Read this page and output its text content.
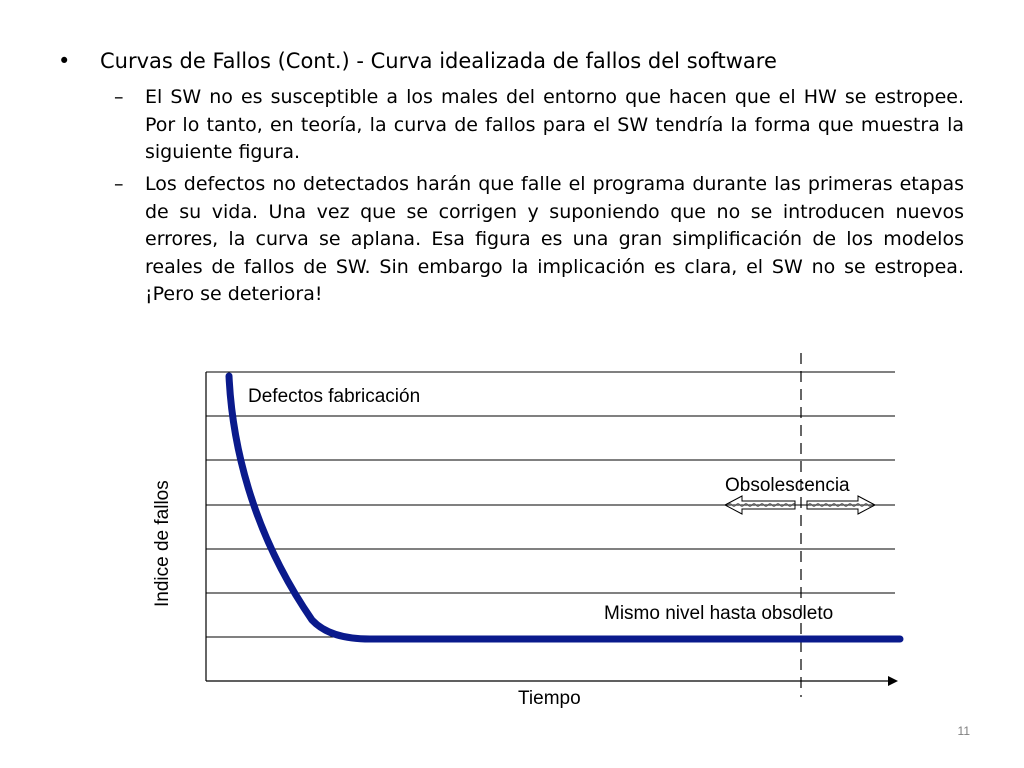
• Curvas de Fallos (Cont.) - Curva idealizada de fallos del software
– El SW no es susceptible a los males del entorno que hacen que el HW se estropee. Por lo tanto, en teoría, la curva de fallos para el SW tendría la forma que muestra la siguiente figura.
– Los defectos no detectados harán que falle el programa durante las primeras etapas de su vida. Una vez que se corrigen y suponiendo que no se introducen nuevos errores, la curva se aplana. Esa figura es una gran simplificación de los modelos reales de fallos de SW. Sin embargo la implicación es clara, el SW no se estropea. ¡Pero se deteriora!
Defectos fabricación
Obsolescencia
Mismo nivel hasta obsoleto
Tiempo
Indice de fallos
11
